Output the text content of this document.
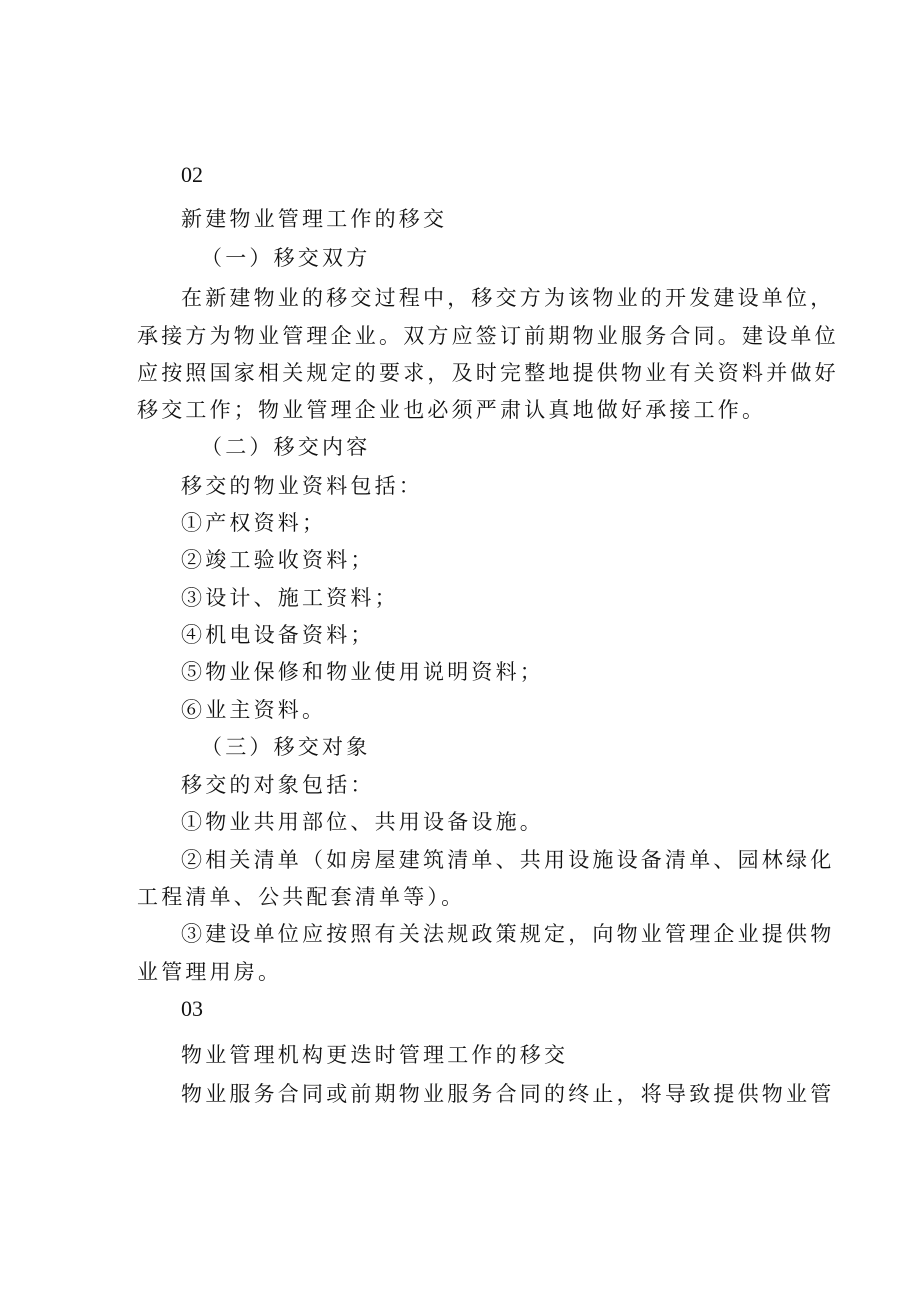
02
新建物业管理工作的移交
（一）移交双方
在新建物业的移交过程中，移交方为该物业的开发建设单位，
承接方为物业管理企业。双方应签订前期物业服务合同。建设单位
应按照国家相关规定的要求，及时完整地提供物业有关资料并做好
移交工作；物业管理企业也必须严肃认真地做好承接工作。
（二）移交内容
移交的物业资料包括：
①产权资料；
②竣工验收资料；
③设计、施工资料；
④机电设备资料；
⑤物业保修和物业使用说明资料；
⑥业主资料。
（三）移交对象
移交的对象包括：
①物业共用部位、共用设备设施。
②相关清单（如房屋建筑清单、共用设施设备清单、园林绿化
工程清单、公共配套清单等）。
③建设单位应按照有关法规政策规定，向物业管理企业提供物
业管理用房。
03
物业管理机构更迭时管理工作的移交
物业服务合同或前期物业服务合同的终止，将导致提供物业管
